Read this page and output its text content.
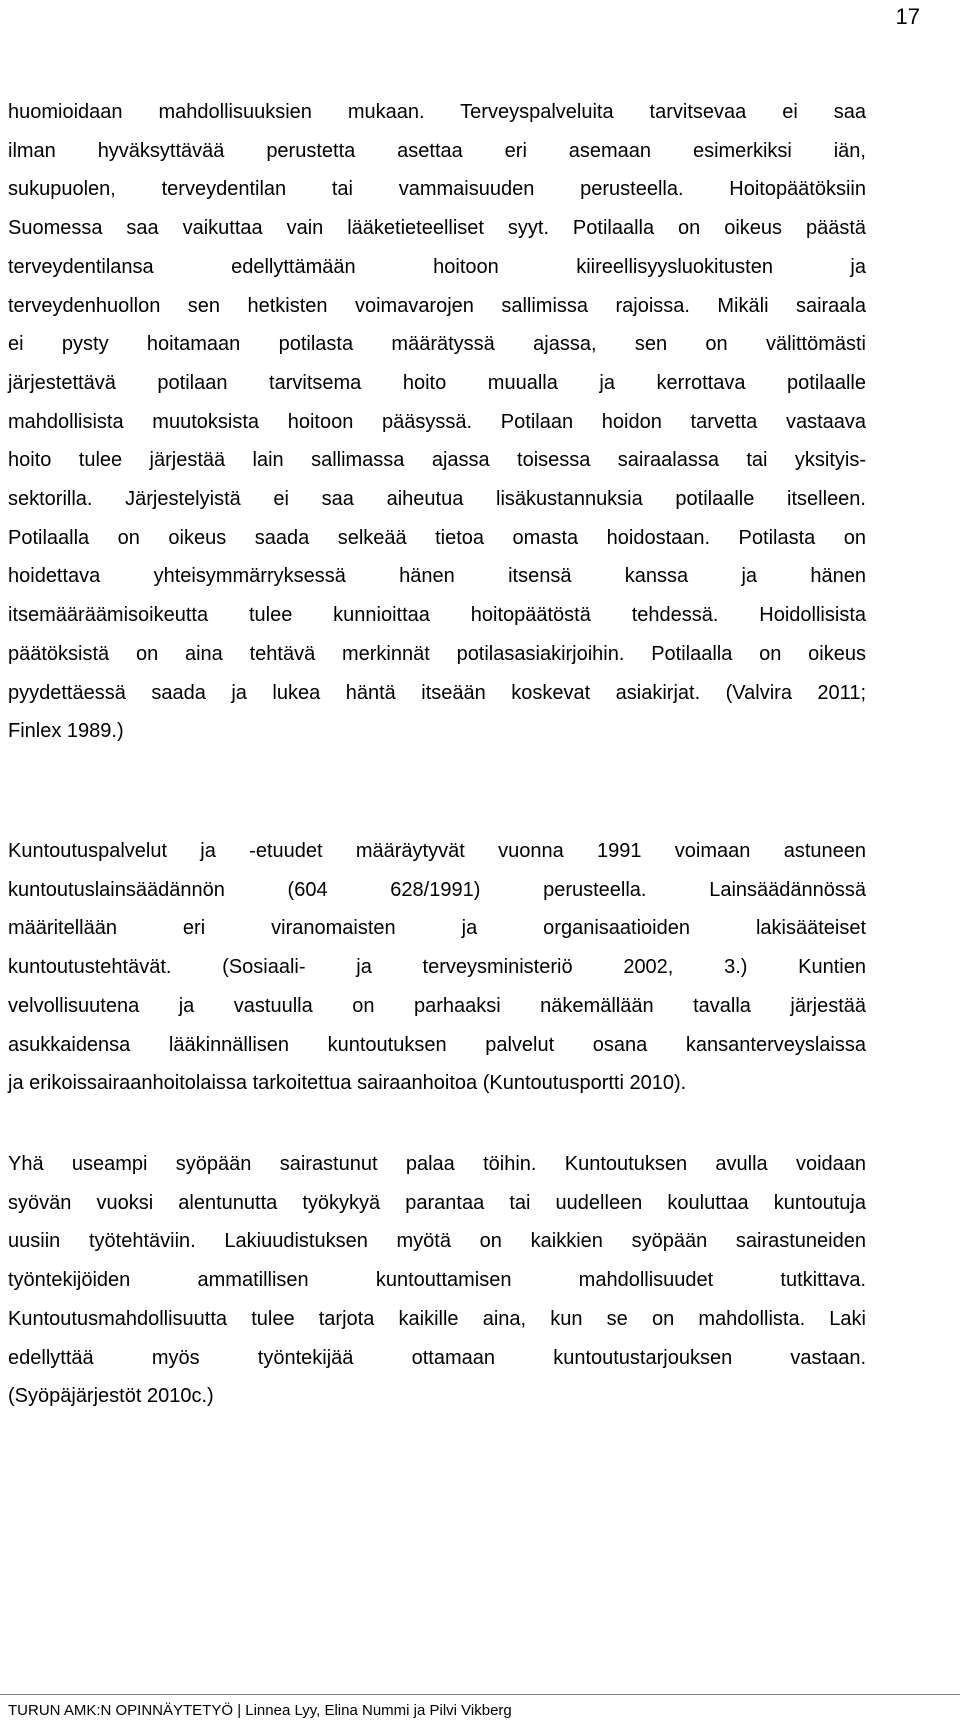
17
huomioidaan mahdollisuuksien mukaan. Terveyspalveluita tarvitsevaa ei saa
ilman hyväksyttävää perustetta asettaa eri asemaan esimerkiksi iän,
sukupuolen, terveydentilan tai vammaisuuden perusteella. Hoitopäätöksiin
Suomessa saa vaikuttaa vain lääketieteelliset syyt. Potilaalla on oikeus päästä
terveydentilansa edellyttämään hoitoon kiireellisyysluokitusten ja
terveydenhuollon sen hetkisten voimavarojen sallimissa rajoissa. Mikäli sairaala
ei pysty hoitamaan potilasta määrätyssä ajassa, sen on välittömästi
järjestettävä potilaan tarvitsema hoito muualla ja kerrottava potilaalle
mahdollisista muutoksista hoitoon pääsyssä. Potilaan hoidon tarvetta vastaava
hoito tulee järjestää lain sallimassa ajassa toisessa sairaalassa tai yksityis-
sektorilla. Järjestelyistä ei saa aiheutua lisäkustannuksia potilaalle itselleen.
Potilaalla on oikeus saada selkeää tietoa omasta hoidostaan. Potilasta on
hoidettava yhteisymmärryksessä hänen itsensä kanssa ja hänen
itsemääräämisoikeutta tulee kunnioittaa hoitopäätöstä tehdessä. Hoidollisista
päätöksistä on aina tehtävä merkinnät potilasasiakirjoihin. Potilaalla on oikeus
pyydettäessä saada ja lukea häntä itseään koskevat asiakirjat. (Valvira 2011;
Finlex 1989.)
Kuntoutuspalvelut ja -etuudet määräytyvät vuonna 1991 voimaan astuneen
kuntoutuslainsäädännön (604 628/1991) perusteella. Lainsäädännössä
määritellään eri viranomaisten ja organisaatioiden lakisääteiset
kuntoutustehtävät. (Sosiaali- ja terveysministeriö 2002, 3.) Kuntien
velvollisuutena ja vastuulla on parhaaksi näkemällään tavalla järjestää
asukkaidensa lääkinnällisen kuntoutuksen palvelut osana kansanterveyslaissa
ja erikoissairaanhoitolaissa tarkoitettua sairaanhoitoa (Kuntoutusportti 2010).
Yhä useampi syöpään sairastunut palaa töihin. Kuntoutuksen avulla voidaan
syövän vuoksi alentunutta työkykyä parantaa tai uudelleen kouluttaa kuntoutuja
uusiin työtehtäviin. Lakiuudistuksen myötä on kaikkien syöpään sairastuneiden
työntekijöiden ammatillisen kuntouttamisen mahdollisuudet tutkittava.
Kuntoutusmahdollisuutta tulee tarjota kaikille aina, kun se on mahdollista. Laki
edellyttää myös työntekijää ottamaan kuntoutustarjouksen vastaan.
(Syöpäjärjestöt 2010c.)
TURUN AMK:N OPINNÄYTETYÖ | Linnea Lyy, Elina Nummi ja Pilvi Vikberg
